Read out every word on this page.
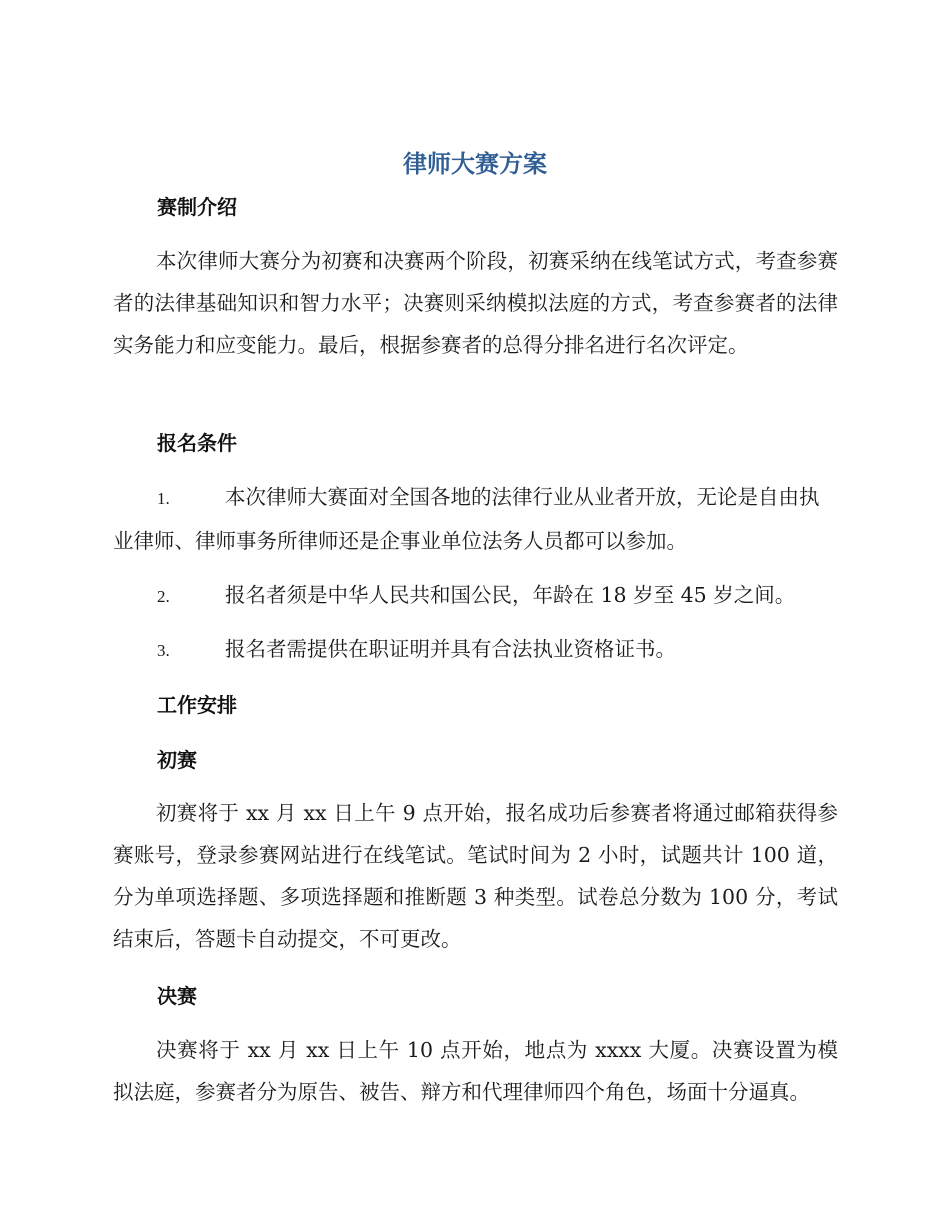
律师大赛方案
赛制介绍
本次律师大赛分为初赛和决赛两个阶段，初赛采纳在线笔试方式，考查参赛者的法律基础知识和智力水平；决赛则采纳模拟法庭的方式，考查参赛者的法律实务能力和应变能力。最后，根据参赛者的总得分排名进行名次评定。
报名条件
1.	本次律师大赛面对全国各地的法律行业从业者开放，无论是自由执业律师、律师事务所律师还是企事业单位法务人员都可以参加。
2.	报名者须是中华人民共和国公民，年龄在 18 岁至 45 岁之间。
3.	报名者需提供在职证明并具有合法执业资格证书。
工作安排
初赛
初赛将于 xx 月 xx 日上午 9 点开始，报名成功后参赛者将通过邮箱获得参赛账号，登录参赛网站进行在线笔试。笔试时间为 2 小时，试题共计 100 道，分为单项选择题、多项选择题和推断题 3 种类型。试卷总分数为 100 分，考试结束后，答题卡自动提交，不可更改。
决赛
决赛将于 xx 月 xx 日上午 10 点开始，地点为 xxxx 大厦。决赛设置为模拟法庭，参赛者分为原告、被告、辩方和代理律师四个角色，场面十分逼真。
